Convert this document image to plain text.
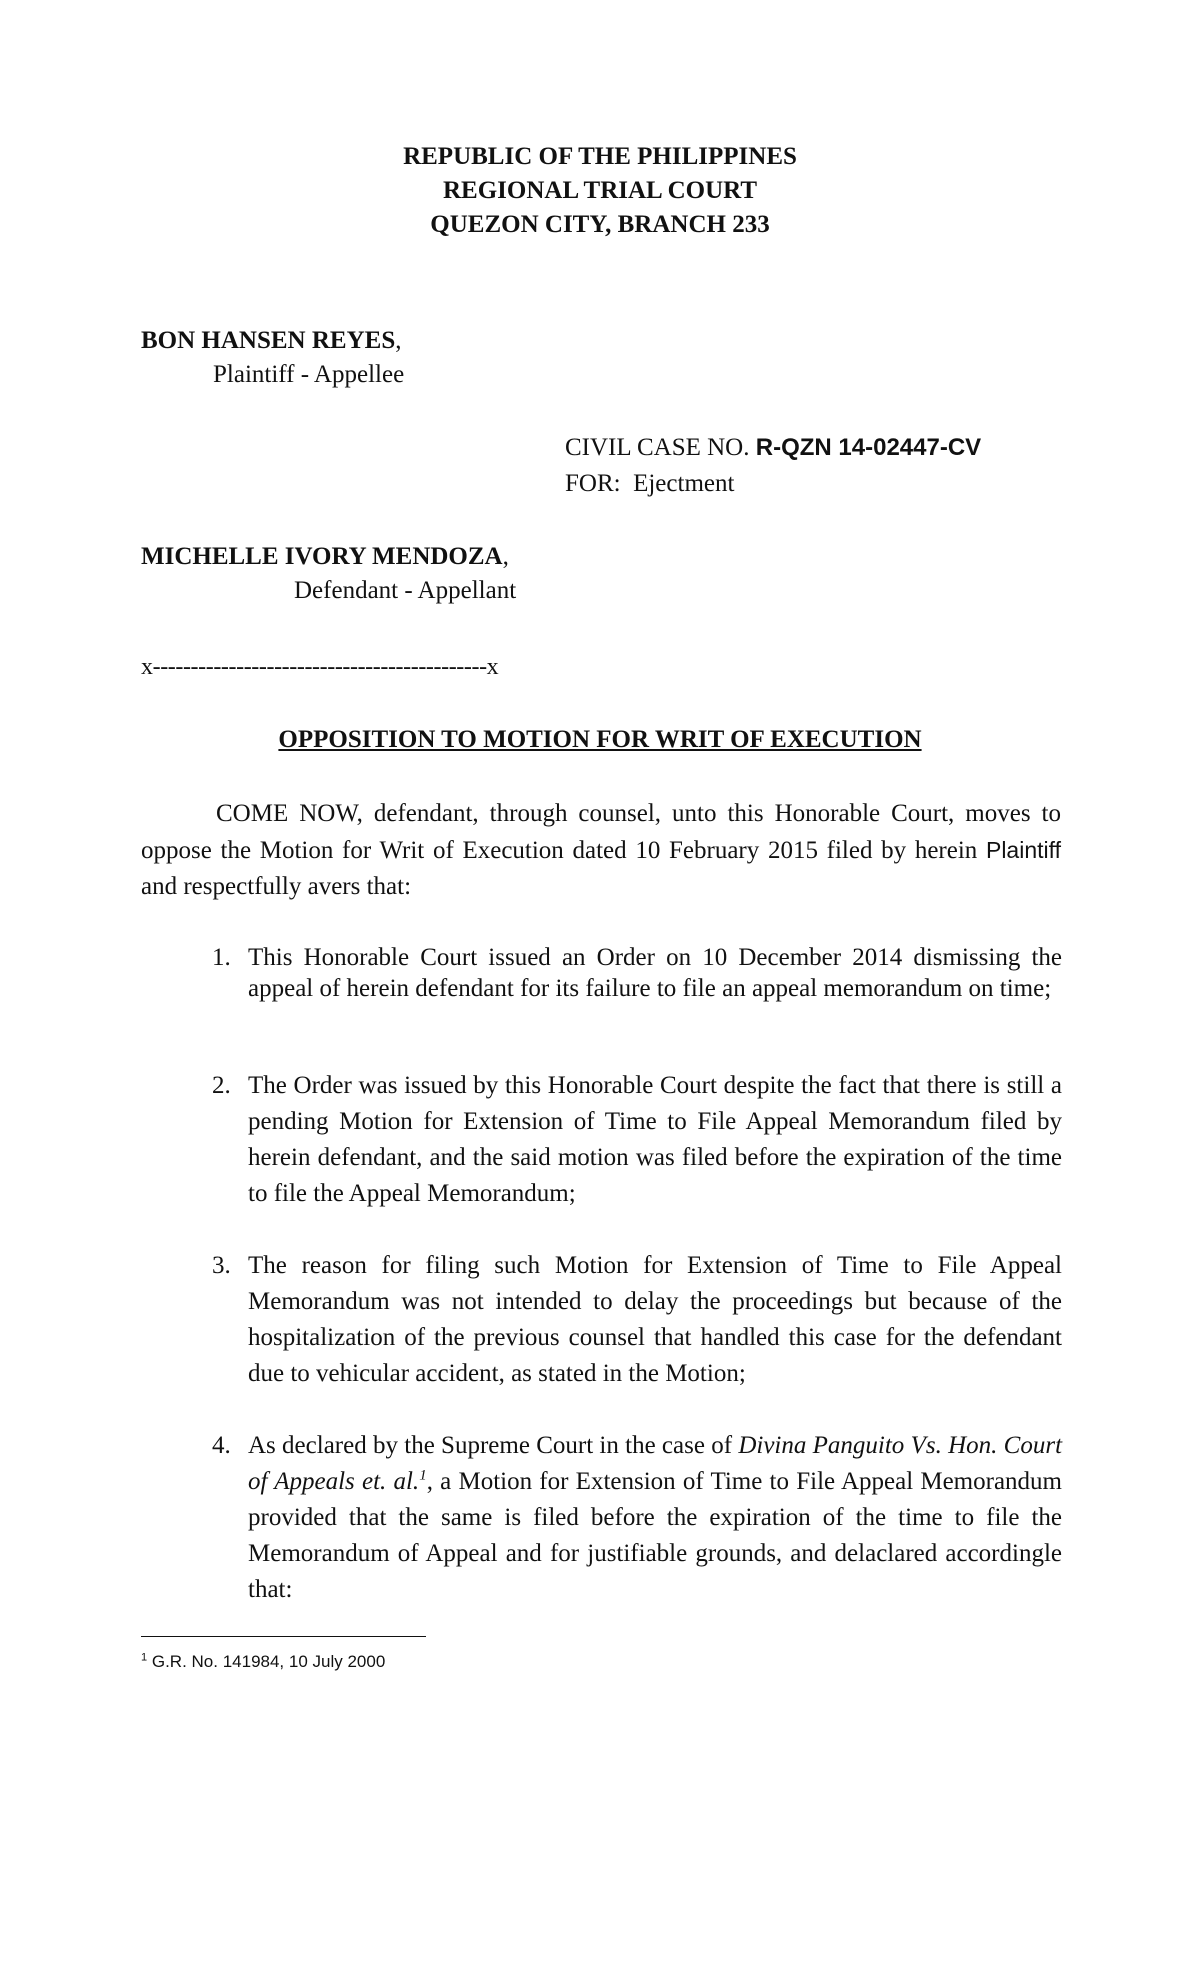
REPUBLIC OF THE PHILIPPINES
REGIONAL TRIAL COURT
QUEZON CITY, BRANCH 233
BON HANSEN REYES,
Plaintiff - Appellee
CIVIL CASE NO. R-QZN 14-02447-CV
FOR: Ejectment
MICHELLE IVORY MENDOZA,
Defendant - Appellant
x--------------------------------------------x
OPPOSITION TO MOTION FOR WRIT OF EXECUTION

COME NOW, defendant, through counsel, unto this Honorable Court, moves to oppose the Motion for Writ of Execution dated 10 February 2015 filed by herein Plaintiff and respectfully avers that:

1. This Honorable Court issued an Order on 10 December 2014 dismissing the appeal of herein defendant for its failure to file an appeal memorandum on time;

2. The Order was issued by this Honorable Court despite the fact that there is still a pending Motion for Extension of Time to File Appeal Memorandum filed by herein defendant, and the said motion was filed before the expiration of the time to file the Appeal Memorandum;

3. The reason for filing such Motion for Extension of Time to File Appeal Memorandum was not intended to delay the proceedings but because of the hospitalization of the previous counsel that handled this case for the defendant due to vehicular accident, as stated in the Motion;

4. As declared by the Supreme Court in the case of Divina Panguito Vs. Hon. Court of Appeals et. al.$^1$, a Motion for Extension of Time to File Appeal Memorandum provided that the same is filed before the expiration of the time to file the Memorandum of Appeal and for justifiable grounds, and delaclared accordingle that:

$^1$ G.R. No. 141984, 10 July 2000
